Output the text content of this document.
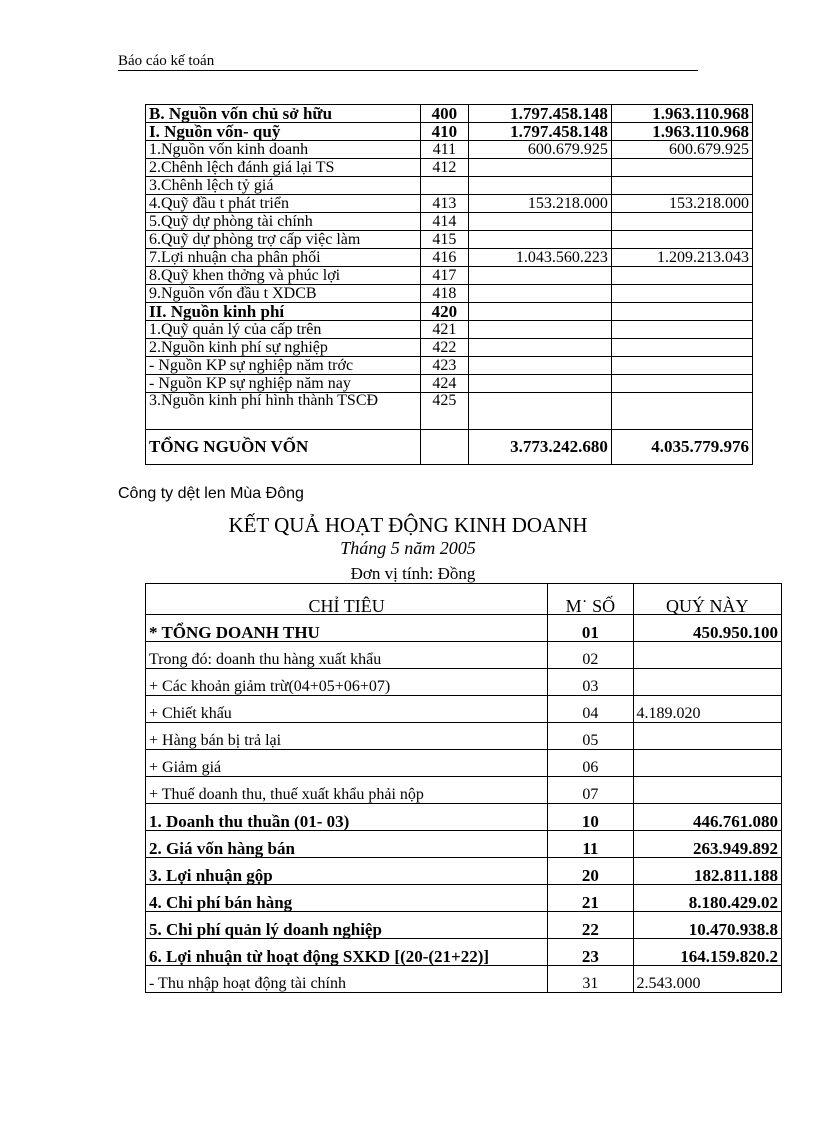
Báo cáo kế toán
B. Nguồn vốn chủ sở hữu	400	1.797.458.148	1.963.110.968
I. Nguồn vốn- quỹ	410	1.797.458.148	1.963.110.968
1.Nguồn vốn kinh doanh	411	600.679.925	600.679.925
2.Chênh lệch đánh giá lại TS	412		
3.Chênh lệch tỷ giá			
4.Quỹ đầu t phát triển	413	153.218.000	153.218.000
5.Quỹ dự phòng tài chính	414		
6.Quỹ dự phòng trợ cấp việc làm	415		
7.Lợi nhuận cha phân phối	416	1.043.560.223	1.209.213.043
8.Quỹ khen thởng và phúc lợi	417		
9.Nguồn vốn đầu t XDCB	418		
II. Nguồn kinh phí	420		
1.Quỹ quản lý của cấp trên	421		
2.Nguồn kinh phí sự nghiệp	422		
- Nguồn KP sự nghiệp năm trớc	423		
- Nguồn KP sự nghiệp năm nay	424		
3.Nguồn kinh phí hình thành TSCĐ	425		
TỔNG NGUỒN VỐN		3.773.242.680	4.035.779.976
Công ty dệt len Mùa Đông
KẾT QUẢ HOẠT ĐỘNG KINH DOANH
Tháng 5 năm 2005
Đơn vị tính: Đồng
CHỈ TIÊU	M˙ SỐ	QUÝ NÀY
* TỔNG DOANH THU	01	450.950.100
Trong đó: doanh thu hàng xuất khẩu	02	
+ Các khoản giảm trừ(04+05+06+07)	03	
+ Chiết khấu	04	4.189.020
+ Hàng bán bị trả lại	05	
+ Giảm giá	06	
+ Thuế doanh thu, thuế xuất khẩu phải nộp	07	
1. Doanh thu thuần (01- 03)	10	446.761.080
2. Giá vốn hàng bán	11	263.949.892
3. Lợi nhuận gộp	20	182.811.188
4. Chi phí bán hàng	21	8.180.429.02
5. Chi phí quản lý doanh nghiệp	22	10.470.938.8
6. Lợi nhuận từ hoạt động SXKD [(20-(21+22)]	23	164.159.820.2
- Thu nhập hoạt động tài chính	31	2.543.000
